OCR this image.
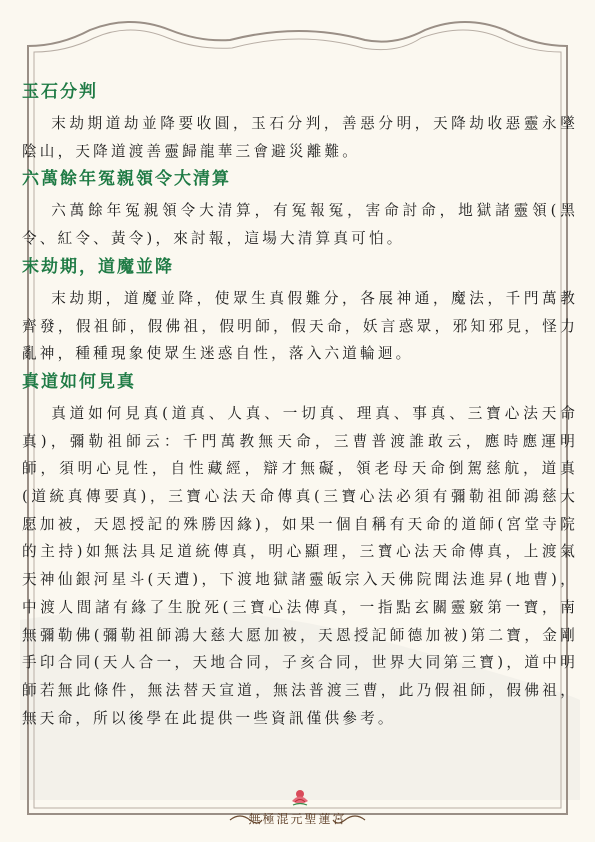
玉石分判
末劫期道劫並降要收圓，玉石分判，善惡分明，天降劫收惡靈永墜陰山，天降道渡善靈歸龍華三會避災離難。
六萬餘年冤親領令大清算
六萬餘年冤親領令大清算，有冤報冤，害命討命，地獄諸靈領(黑令、紅令、黃令)，來討報，這場大清算真可怕。
末劫期，道魔並降
末劫期，道魔並降，使眾生真假難分，各展神通，魔法，千門萬教齊發，假祖師，假佛祖，假明師，假天命，妖言惑眾，邪知邪見，怪力亂神，種種現象使眾生迷惑自性，落入六道輪迴。
真道如何見真
真道如何見真(道真、人真、一切真、理真、事真、三寶心法天命真)，彌勒祖師云：千門萬教無天命，三曹普渡誰敢云，應時應運明師，須明心見性，自性藏經，辯才無礙，領老母天命倒駕慈航，道真(道統真傳要真)，三寶心法天命傳真(三寶心法必須有彌勒祖師鴻慈大愿加被，天恩授記的殊勝因緣)，如果一個自稱有天命的道師(宮堂寺院的主持)如無法具足道統傳真，明心顯理，三寶心法天命傳真，上渡氣天神仙銀河星斗(天遭)，下渡地獄諸靈皈宗入天佛院聞法進昇(地曹)，中渡人間諸有緣了生脫死(三寶心法傳真，一指點玄關靈竅第一寶，南無彌勒佛(彌勒祖師鴻大慈大愿加被，天恩授記師德加被)第二寶，金剛手印合同(天人合一，天地合同，子亥合同，世界大同第三寶)，道中明師若無此條件，無法替天宣道，無法普渡三曹，此乃假祖師，假佛祖，無天命，所以後學在此提供一些資訊僅供參考。
無極混元聖蓮宮
